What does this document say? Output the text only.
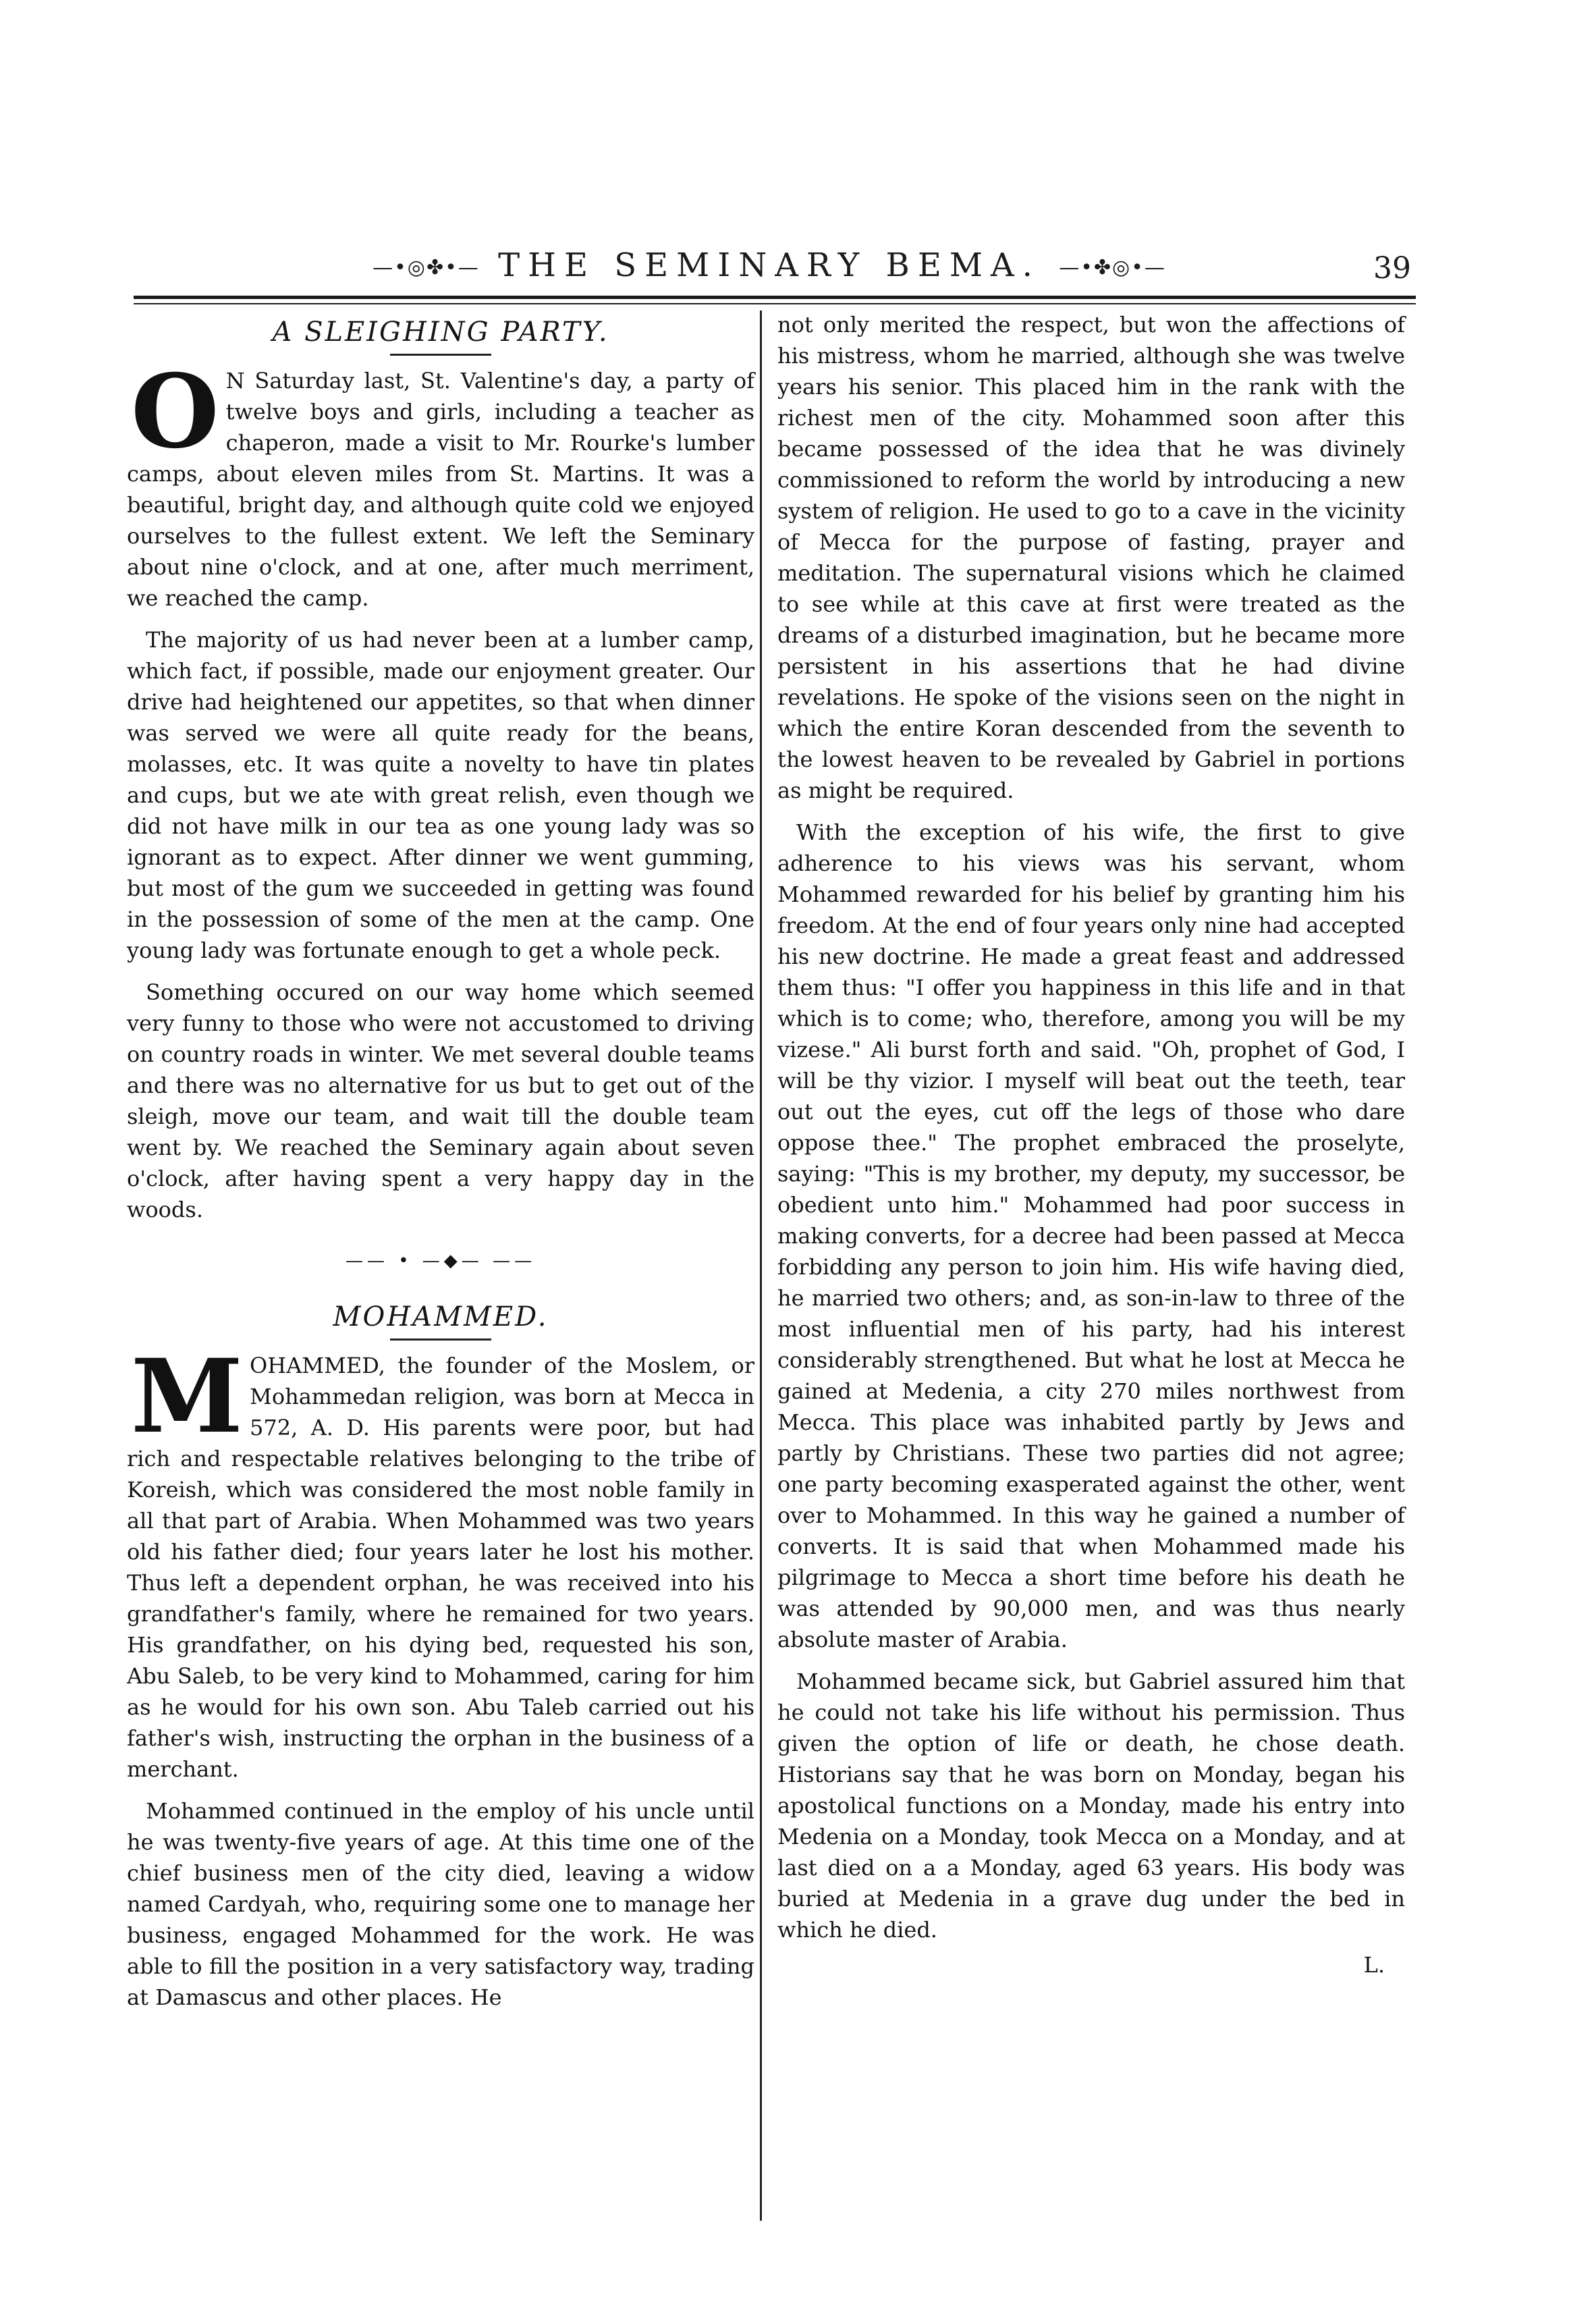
—•◎✤•— THE SEMINARY BEMA. —•✤◎•—	39
A SLEIGHING PARTY.

O N Saturday last, St. Valentine's day, a party of twelve boys and girls, including a teacher as chaperon, made a visit to Mr. Rourke's lumber camps, about eleven miles from St. Martins. It was a beautiful, bright day, and although quite cold we enjoyed ourselves to the fullest extent. We left the Seminary about nine o'clock, and at one, after much merriment, we reached the camp.

The majority of us had never been at a lumber camp, which fact, if possible, made our enjoyment greater. Our drive had heightened our appetites, so that when dinner was served we were all quite ready for the beans, molasses, etc. It was quite a novelty to have tin plates and cups, but we ate with great relish, even though we did not have milk in our tea as one young lady was so ignorant as to expect. After dinner we went gumming, but most of the gum we succeeded in getting was found in the possession of some of the men at the camp. One young lady was fortunate enough to get a whole peck.

Something occured on our way home which seemed very funny to those who were not accustomed to driving on country roads in winter. We met several double teams and there was no alternative for us but to get out of the sleigh, move our team, and wait till the double team went by. We reached the Seminary again about seven o'clock, after having spent a very happy day in the woods.

—— • —◆— ——
MOHAMMED.

MOHAMMED, the founder of the Moslem, or Mohammedan religion, was born at Mecca in 572, A. D. His parents were poor, but had rich and respectable relatives belonging to the tribe of Koreish, which was considered the most noble family in all that part of Arabia. When Mohammed was two years old his father died; four years later he lost his mother. Thus left a dependent orphan, he was received into his grandfather's family, where he remained for two years. His grandfather, on his dying bed, requested his son, Abu Saleb, to be very kind to Mohammed, caring for him as he would for his own son. Abu Taleb carried out his father's wish, instructing the orphan in the business of a merchant.

Mohammed continued in the employ of his uncle until he was twenty-five years of age. At this time one of the chief business men of the city died, leaving a widow named Cardyah, who, requiring some one to manage her business, engaged Mohammed for the work. He was able to fill the position in a very satisfactory way, trading at Damascus and other places. He

not only merited the respect, but won the affections of his mistress, whom he married, although she was twelve years his senior. This placed him in the rank with the richest men of the city. Mohammed soon after this became possessed of the idea that he was divinely commissioned to reform the world by introducing a new system of religion. He used to go to a cave in the vicinity of Mecca for the purpose of fasting, prayer and meditation. The supernatural visions which he claimed to see while at this cave at first were treated as the dreams of a disturbed imagination, but he became more persistent in his assertions that he had divine revelations. He spoke of the visions seen on the night in which the entire Koran descended from the seventh to the lowest heaven to be revealed by Gabriel in portions as might be required.

With the exception of his wife, the first to give adherence to his views was his servant, whom Mohammed rewarded for his belief by granting him his freedom. At the end of four years only nine had accepted his new doctrine. He made a great feast and addressed them thus: "I offer you happiness in this life and in that which is to come; who, therefore, among you will be my vizese." Ali burst forth and said. "Oh, prophet of God, I will be thy vizior. I myself will beat out the teeth, tear out out the eyes, cut off the legs of those who dare oppose thee." The prophet embraced the proselyte, saying: "This is my brother, my deputy, my successor, be obedient unto him." Mohammed had poor success in making converts, for a decree had been passed at Mecca forbidding any person to join him. His wife having died, he married two others; and, as son-in-law to three of the most influential men of his party, had his interest considerably strengthened. But what he lost at Mecca he gained at Medenia, a city 270 miles northwest from Mecca. This place was inhabited partly by Jews and partly by Christians. These two parties did not agree; one party becoming exasperated against the other, went over to Mohammed. In this way he gained a number of converts. It is said that when Mohammed made his pilgrimage to Mecca a short time before his death he was attended by 90,000 men, and was thus nearly absolute master of Arabia.

Mohammed became sick, but Gabriel assured him that he could not take his life without his permission. Thus given the option of life or death, he chose death. Historians say that he was born on Monday, began his apostolical functions on a Monday, made his entry into Medenia on a Monday, took Mecca on a Monday, and at last died on a a Monday, aged 63 years. His body was buried at Medenia in a grave dug under the bed in which he died.

L.
